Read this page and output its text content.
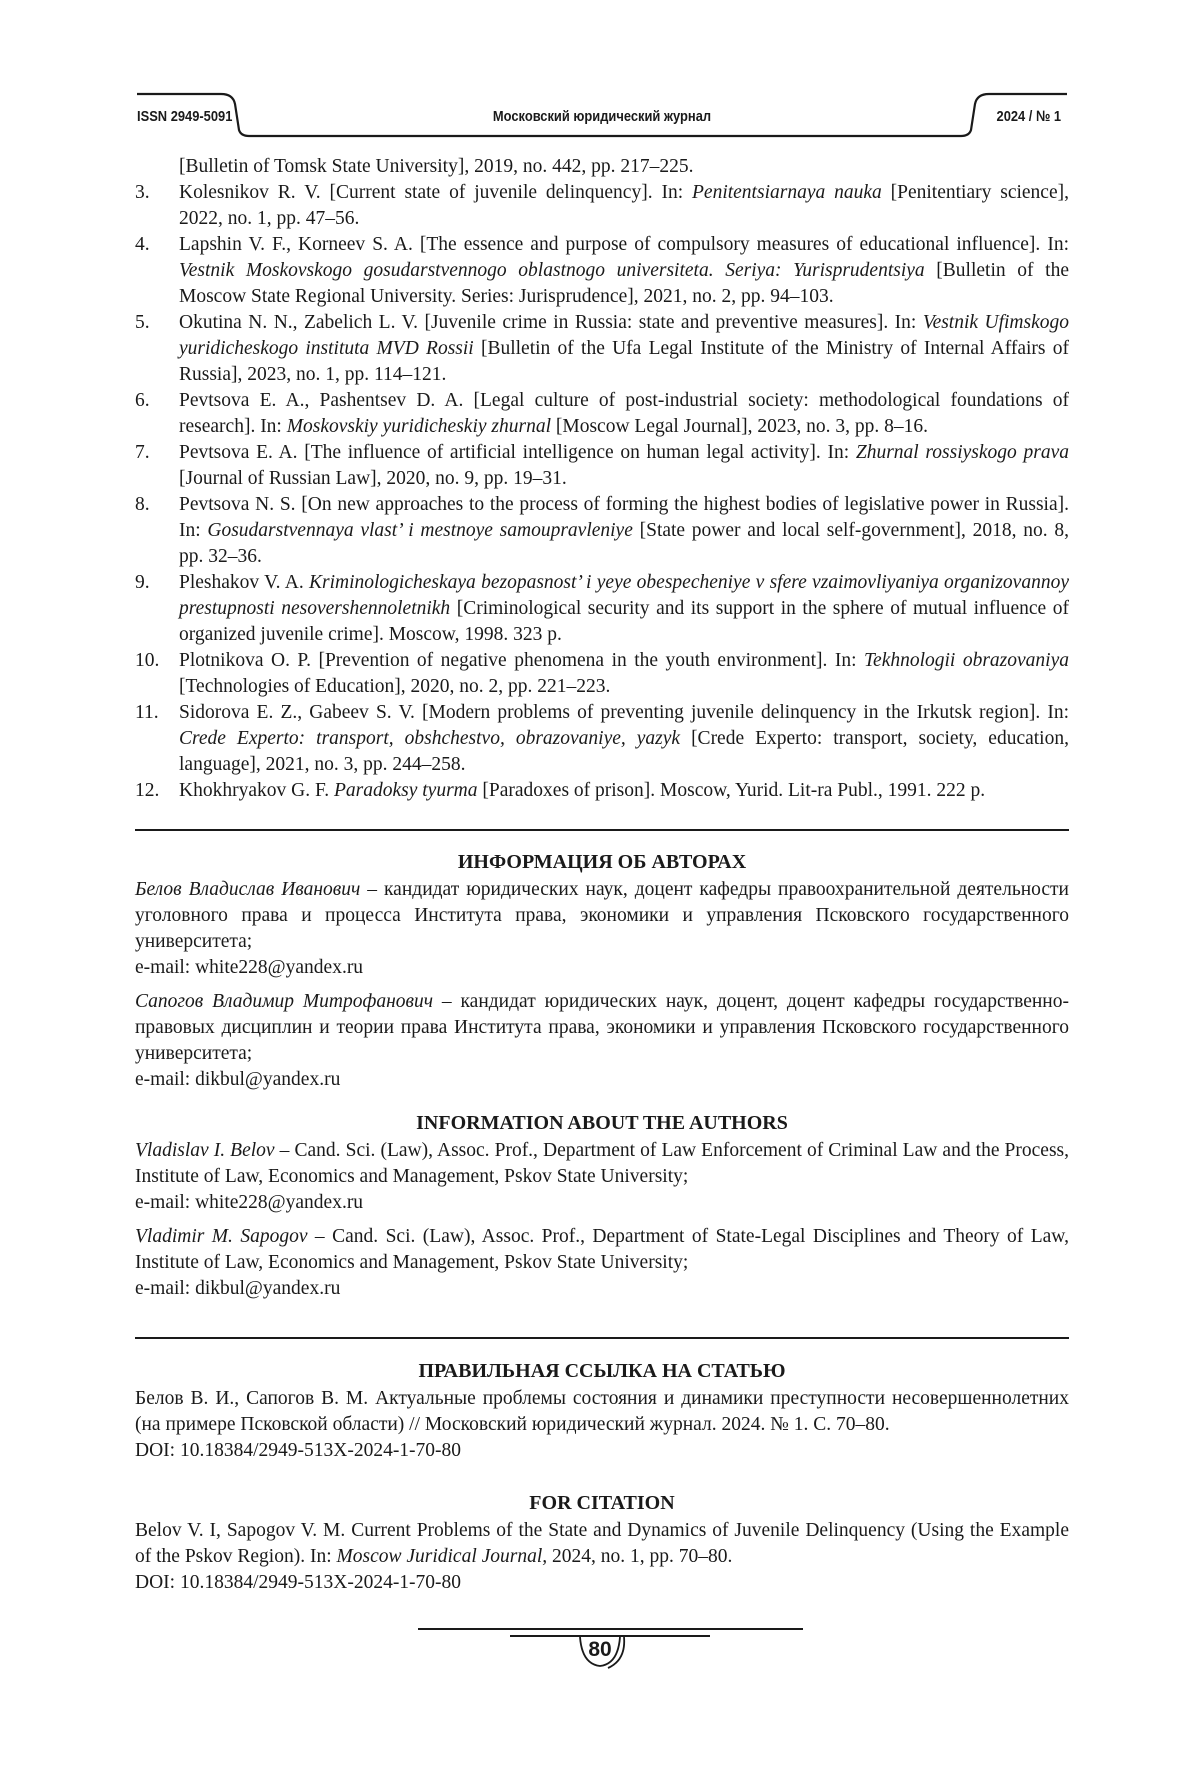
ISSN 2949-5091	Московский юридический журнал	2024 / № 1
[Bulletin of Tomsk State University], 2019, no. 442, pp. 217–225.
3.	Kolesnikov R. V. [Current state of juvenile delinquency]. In: Penitentsiarnaya nauka [Penitentiary science], 2022, no. 1, pp. 47–56.
4.	Lapshin V. F., Korneev S. A. [The essence and purpose of compulsory measures of educational influence]. In: Vestnik Moskovskogo gosudarstvennogo oblastnogo universiteta. Seriya: Yurisprudentsiya [Bulletin of the Moscow State Regional University. Series: Jurisprudence], 2021, no. 2, pp. 94–103.
5.	Okutina N. N., Zabelich L. V. [Juvenile crime in Russia: state and preventive measures]. In: Vestnik Ufimskogo yuridicheskogo instituta MVD Rossii [Bulletin of the Ufa Legal Institute of the Ministry of Internal Affairs of Russia], 2023, no. 1, pp. 114–121.
6.	Pevtsova E. A., Pashentsev D. A. [Legal culture of post-industrial society: methodological foundations of research]. In: Moskovskiy yuridicheskiy zhurnal [Moscow Legal Journal], 2023, no. 3, pp. 8–16.
7.	Pevtsova E. A. [The influence of artificial intelligence on human legal activity]. In: Zhurnal rossiyskogo prava [Journal of Russian Law], 2020, no. 9, pp. 19–31.
8.	Pevtsova N. S. [On new approaches to the process of forming the highest bodies of legislative power in Russia]. In: Gosudarstvennaya vlast’ i mestnoye samoupravleniye [State power and local self-government], 2018, no. 8, pp. 32–36.
9.	Pleshakov V. A. Kriminologicheskaya bezopasnost’ i yeye obespecheniye v sfere vzaimovliyaniya organizovannoy prestupnosti nesovershennoletnikh [Criminological security and its support in the sphere of mutual influence of organized juvenile crime]. Moscow, 1998. 323 p.
10.	Plotnikova O. P. [Prevention of negative phenomena in the youth environment]. In: Tekhnologii obrazovaniya [Technologies of Education], 2020, no. 2, pp. 221–223.
11.	Sidorova E. Z., Gabeev S. V. [Modern problems of preventing juvenile delinquency in the Irkutsk region]. In: Crede Experto: transport, obshchestvo, obrazovaniye, yazyk [Crede Experto: transport, society, education, language], 2021, no. 3, pp. 244–258.
12.	Khokhryakov G. F. Paradoksy tyurma [Paradoxes of prison]. Moscow, Yurid. Lit-ra Publ., 1991. 222 p.
ИНФОРМАЦИЯ ОБ АВТОРАХ
Белов Владислав Иванович – кандидат юридических наук, доцент кафедры правоохранительной деятельности уголовного права и процесса Института права, экономики и управления Псковского государственного университета;
e-mail: white228@yandex.ru
Сапогов Владимир Митрофанович – кандидат юридических наук, доцент, доцент кафедры государственно-правовых дисциплин и теории права Института права, экономики и управления Псковского государственного университета;
e-mail: dikbul@yandex.ru
INFORMATION ABOUT THE AUTHORS
Vladislav I. Belov – Cand. Sci. (Law), Assoc. Prof., Department of Law Enforcement of Criminal Law and the Process, Institute of Law, Economics and Management, Pskov State University;
e-mail: white228@yandex.ru
Vladimir M. Sapogov – Cand. Sci. (Law), Assoc. Prof., Department of State-Legal Disciplines and Theory of Law, Institute of Law, Economics and Management, Pskov State University;
e-mail: dikbul@yandex.ru
ПРАВИЛЬНАЯ ССЫЛКА НА СТАТЬЮ
Белов В. И., Сапогов В. М. Актуальные проблемы состояния и динамики преступности несовершеннолетних (на примере Псковской области) // Московский юридический журнал. 2024. № 1. С. 70–80.
DOI: 10.18384/2949-513X-2024-1-70-80
FOR CITATION
Belov V. I, Sapogov V. M. Current Problems of the State and Dynamics of Juvenile Delinquency (Using the Example of the Pskov Region). In: Moscow Juridical Journal, 2024, no. 1, pp. 70–80.
DOI: 10.18384/2949-513X-2024-1-70-80
80
